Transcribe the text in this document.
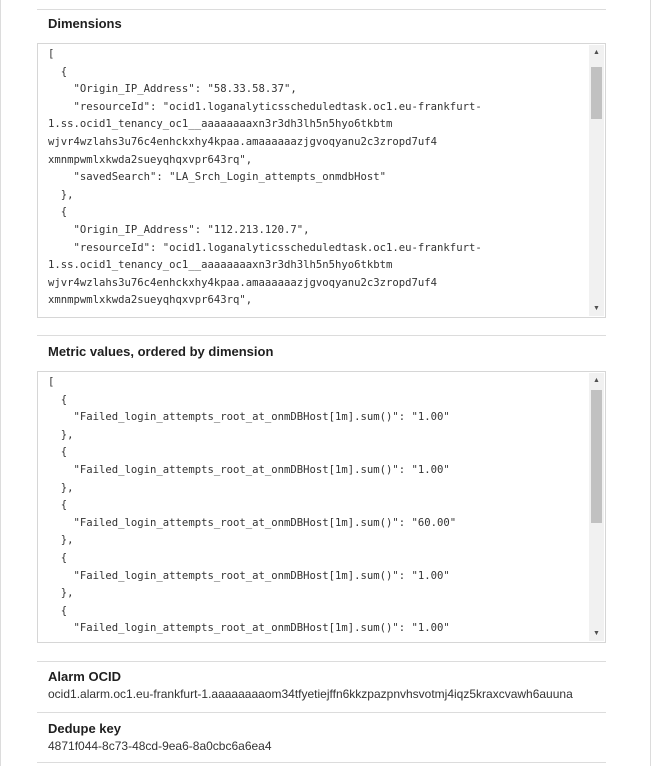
Dimensions
[
{
"Origin_IP_Address": "58.33.58.37",
"resourceId": "ocid1.loganalyticsscheduledtask.oc1.eu-frankfurt-
1.ss.ocid1_tenancy_oc1__aaaaaaaaxn3r3dh3lh5n5hyo6tkbtm
wjvr4wzlahs3u76c4enhckxhy4kpaa.amaaaaaazjgvoqyanu2c3zropd7uf4
xmnmpwmlxkwda2sueyqhqxvpr643rq",
"savedSearch": "LA_Srch_Login_attempts_onmdbHost"
},
{
"Origin_IP_Address": "112.213.120.7",
"resourceId": "ocid1.loganalyticsscheduledtask.oc1.eu-frankfurt-
1.ss.ocid1_tenancy_oc1__aaaaaaaaxn3r3dh3lh5n5hyo6tkbtm
wjvr4wzlahs3u76c4enhckxhy4kpaa.amaaaaaazjgvoqyanu2c3zropd7uf4
xmnmpwmlxkwda2sueyqhqxvpr643rq",
▲
▼
Metric values, ordered by dimension
[
{
"Failed_login_attempts_root_at_onmDBHost[1m].sum()": "1.00"
},
{
"Failed_login_attempts_root_at_onmDBHost[1m].sum()": "1.00"
},
{
"Failed_login_attempts_root_at_onmDBHost[1m].sum()": "60.00"
},
{
"Failed_login_attempts_root_at_onmDBHost[1m].sum()": "1.00"
},
{
"Failed_login_attempts_root_at_onmDBHost[1m].sum()": "1.00"
▲
▼
Alarm OCID
ocid1.alarm.oc1.eu-frankfurt-1.aaaaaaaaom34tfyetiejffn6kkzpazpnvhsvotmj4iqz5kraxcvawh6auuna
Dedupe key
4871f044-8c73-48cd-9ea6-8a0cbc6a6ea4
